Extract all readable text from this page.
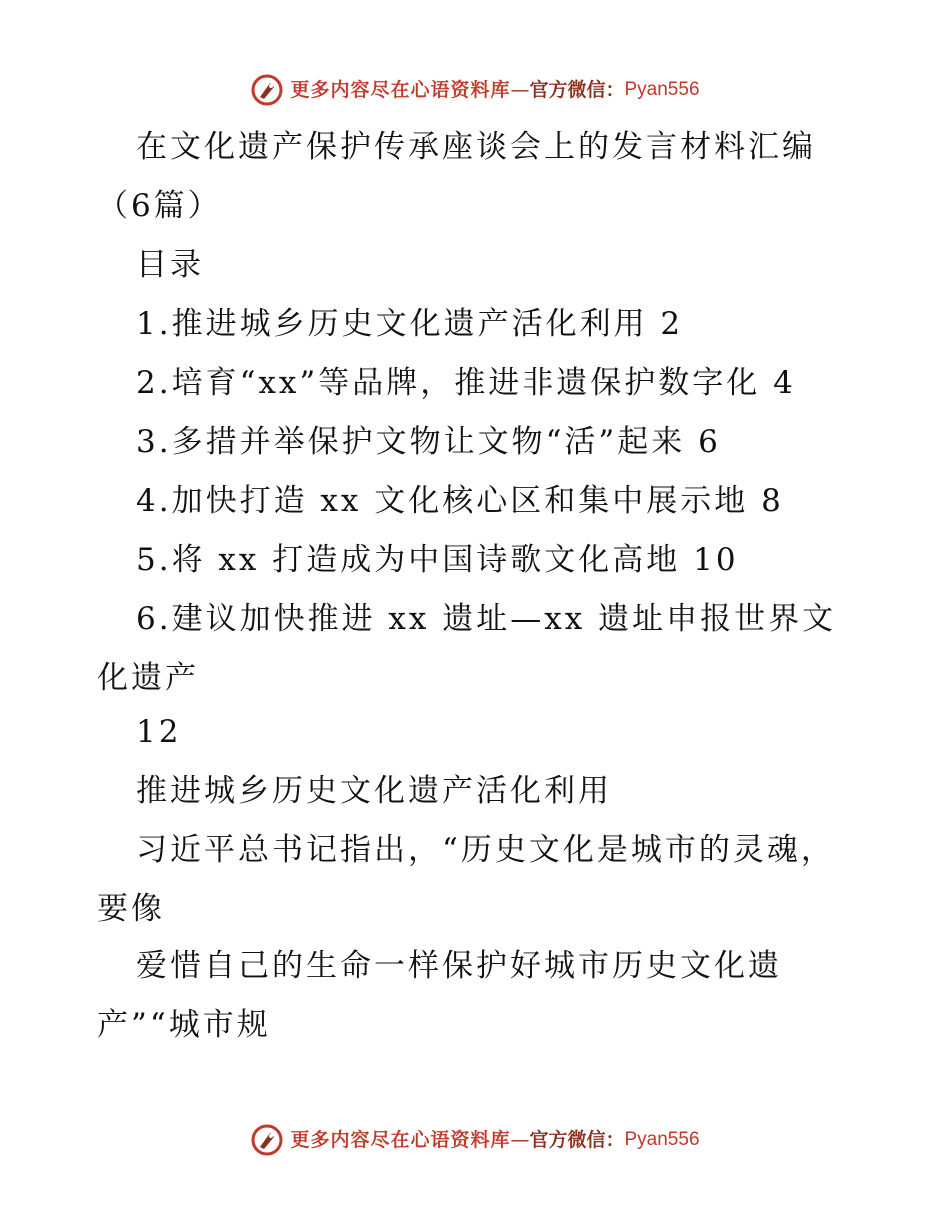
更多内容尽在心语资料库 — 官方微信： Pyan556
在文化遗产保护传承座谈会上的发言材料汇编
（6篇）
目录
1.推进城乡历史文化遗产活化利用 2
2.培育“xx”等品牌，推进非遗保护数字化 4
3.多措并举保护文物让文物“活”起来 6
4.加快打造 xx 文化核心区和集中展示地 8
5.将 xx 打造成为中国诗歌文化高地 10
6.建议加快推进 xx 遗址—xx 遗址申报世界文
化遗产
12
推进城乡历史文化遗产活化利用
习近平总书记指出，“历史文化是城市的灵魂，
要像
爱惜自己的生命一样保护好城市历史文化遗
产”“城市规
更多内容尽在心语资料库 — 官方微信： Pyan556
